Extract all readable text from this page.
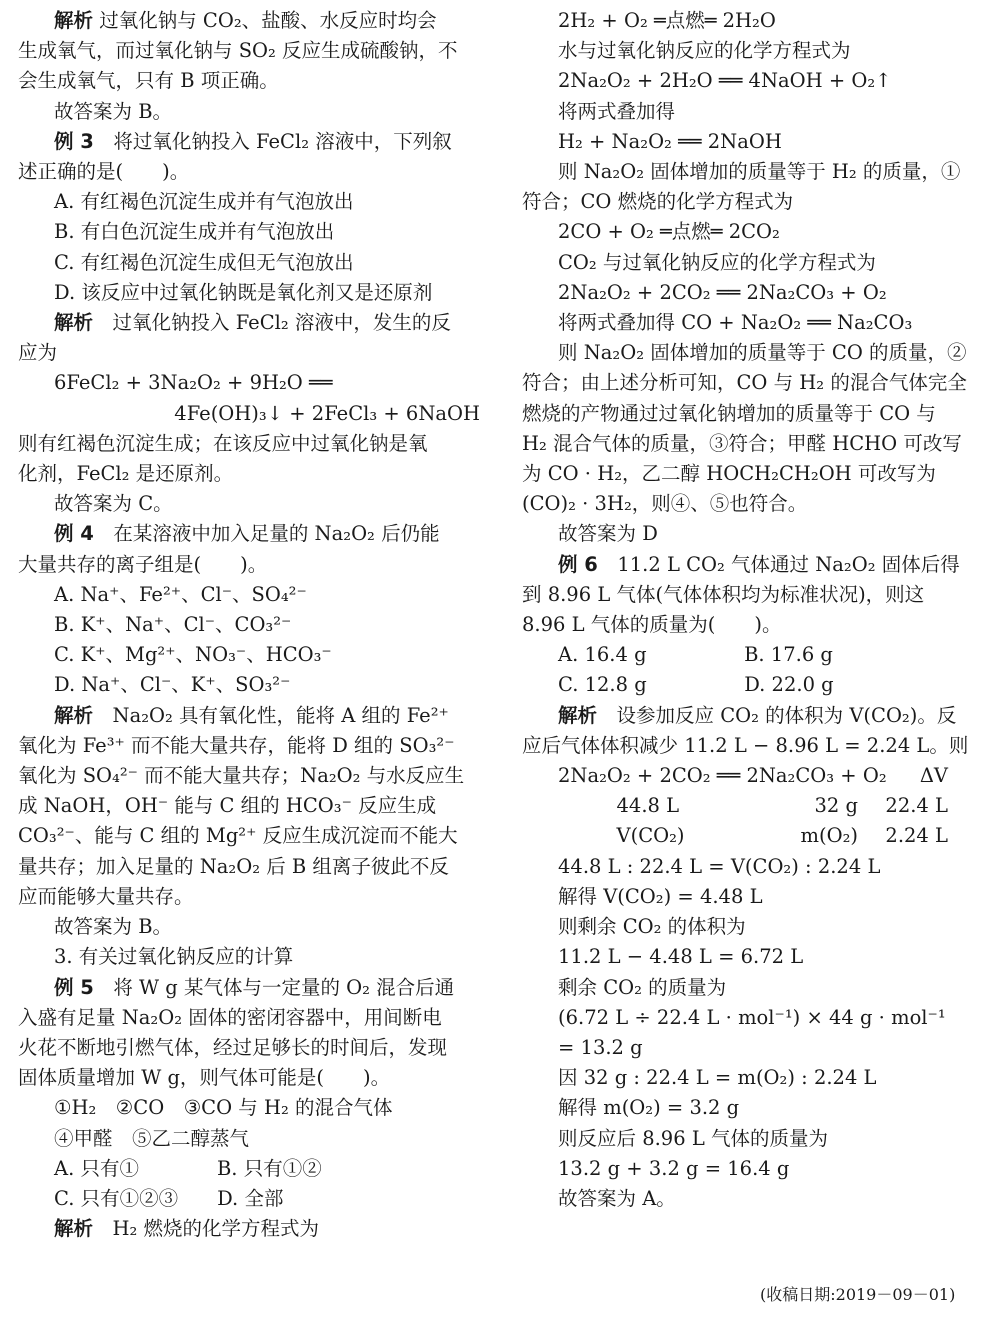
解析 过氧化钠与 CO₂、盐酸、水反应时均会
生成氧气，而过氧化钠与 SO₂ 反应生成硫酸钠，不
会生成氧气，只有 B 项正确。
故答案为 B。
例 3　将过氧化钠投入 FeCl₂ 溶液中，下列叙
述正确的是(　　)。
A. 有红褐色沉淀生成并有气泡放出
B. 有白色沉淀生成并有气泡放出
C. 有红褐色沉淀生成但无气泡放出
D. 该反应中过氧化钠既是氧化剂又是还原剂
解析　过氧化钠投入 FeCl₂ 溶液中，发生的反
应为
6FeCl₂ + 3Na₂O₂ + 9H₂O ══
4Fe(OH)₃↓ + 2FeCl₃ + 6NaOH
则有红褐色沉淀生成；在该反应中过氧化钠是氧
化剂，FeCl₂ 是还原剂。
故答案为 C。
例 4　在某溶液中加入足量的 Na₂O₂ 后仍能
大量共存的离子组是(　　)。
A. Na⁺、Fe²⁺、Cl⁻、SO₄²⁻
B. K⁺、Na⁺、Cl⁻、CO₃²⁻
C. K⁺、Mg²⁺、NO₃⁻、HCO₃⁻
D. Na⁺、Cl⁻、K⁺、SO₃²⁻
解析　Na₂O₂ 具有氧化性，能将 A 组的 Fe²⁺
氧化为 Fe³⁺ 而不能大量共存，能将 D 组的 SO₃²⁻
氧化为 SO₄²⁻ 而不能大量共存；Na₂O₂ 与水反应生
成 NaOH，OH⁻ 能与 C 组的 HCO₃⁻ 反应生成
CO₃²⁻、能与 C 组的 Mg²⁺ 反应生成沉淀而不能大
量共存；加入足量的 Na₂O₂ 后 B 组离子彼此不反
应而能够大量共存。
故答案为 B。
3. 有关过氧化钠反应的计算
例 5　将 W g 某气体与一定量的 O₂ 混合后通
入盛有足量 Na₂O₂ 固体的密闭容器中，用间断电
火花不断地引燃气体，经过足够长的时间后，发现
固体质量增加 W g，则气体可能是(　　)。
①H₂　②CO　③CO 与 H₂ 的混合气体
④甲醛　⑤乙二醇蒸气
A. 只有①　　　　B. 只有①②
C. 只有①②③　　D. 全部
解析　H₂ 燃烧的化学方程式为
2H₂ + O₂ ═点燃═ 2H₂O
水与过氧化钠反应的化学方程式为
2Na₂O₂ + 2H₂O ══ 4NaOH + O₂↑
将两式叠加得
H₂ + Na₂O₂ ══ 2NaOH
则 Na₂O₂ 固体增加的质量等于 H₂ 的质量，①
符合；CO 燃烧的化学方程式为
2CO + O₂ ═点燃═ 2CO₂
CO₂ 与过氧化钠反应的化学方程式为
2Na₂O₂ + 2CO₂ ══ 2Na₂CO₃ + O₂
将两式叠加得 CO + Na₂O₂ ══ Na₂CO₃
则 Na₂O₂ 固体增加的质量等于 CO 的质量，②
符合；由上述分析可知，CO 与 H₂ 的混合气体完全
燃烧的产物通过过氧化钠增加的质量等于 CO 与
H₂ 混合气体的质量，③符合；甲醛 HCHO 可改写
为 CO · H₂，乙二醇 HOCH₂CH₂OH 可改写为
(CO)₂ · 3H₂，则④、⑤也符合。
故答案为 D
例 6　11.2 L CO₂ 气体通过 Na₂O₂ 固体后得
到 8.96 L 气体(气体体积均为标准状况)，则这
8.96 L 气体的质量为(　　)。
A. 16.4 g　　　　　B. 17.6 g
C. 12.8 g　　　　　D. 22.0 g
解析　设参加反应 CO₂ 的体积为 V(CO₂)。反
应后气体体积减少 11.2 L − 8.96 L = 2.24 L。则
2Na₂O₂ + 2CO₂ ══ 2Na₂CO₃ + O₂	ΔV
　　　44.8 L	32 g	22.4 L
　　　V(CO₂)	m(O₂)	2.24 L
44.8 L : 22.4 L = V(CO₂) : 2.24 L
解得 V(CO₂) = 4.48 L
则剩余 CO₂ 的体积为
11.2 L − 4.48 L = 6.72 L
剩余 CO₂ 的质量为
(6.72 L ÷ 22.4 L · mol⁻¹) × 44 g · mol⁻¹
= 13.2 g
因 32 g : 22.4 L = m(O₂) : 2.24 L
解得 m(O₂) = 3.2 g
则反应后 8.96 L 气体的质量为
13.2 g + 3.2 g = 16.4 g
故答案为 A。
(收稿日期:2019－09－01)
